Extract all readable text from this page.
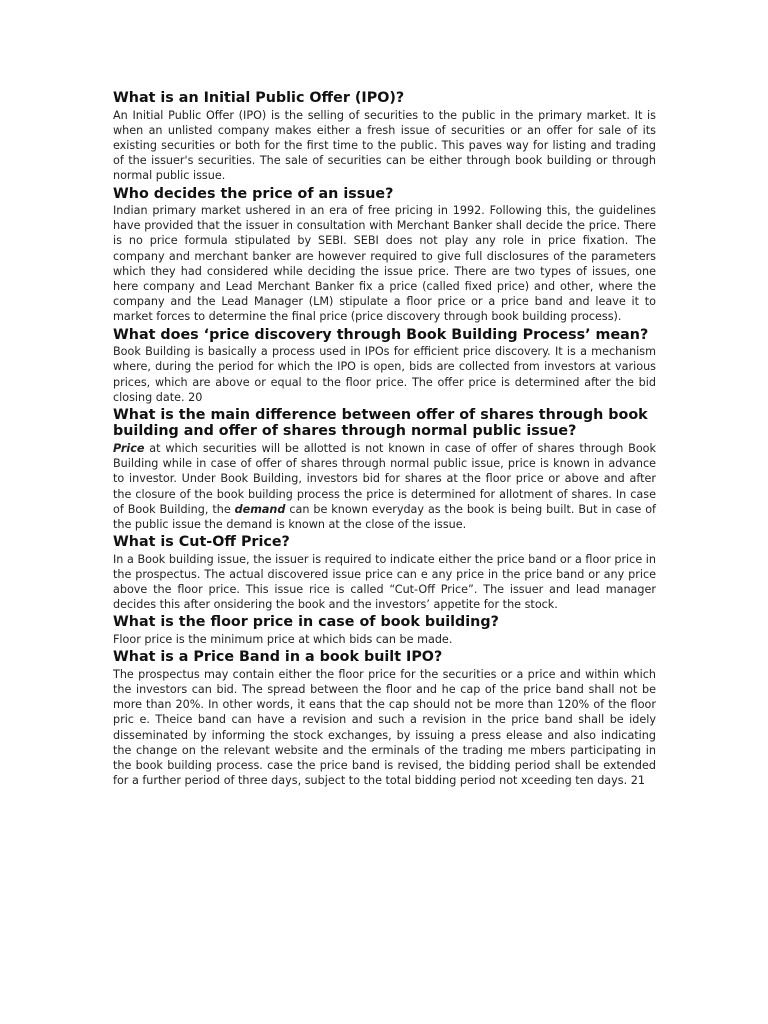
What is an Initial Public Offer (IPO)?

An Initial Public Offer (IPO) is the selling of securities to the public in the primary market. It is when an unlisted company makes either a fresh issue of securities or an offer for sale of its existing securities or both for the first time to the public. This paves way for listing and trading of the issuer's securities. The sale of securities can be either through book building or through normal public issue.

Who decides the price of an issue?

Indian primary market ushered in an era of free pricing in 1992. Following this, the guidelines have provided that the issuer in consultation with Merchant Banker shall decide the price. There is no price formula stipulated by SEBI. SEBI does not play any role in price fixation. The company and merchant banker are however required to give full disclosures of the parameters which they had considered while deciding the issue price. There are two types of issues, one here company and Lead Merchant Banker fix a price (called fixed price) and other, where the company and the Lead Manager (LM) stipulate a floor price or a price band and leave it to market forces to determine the final price (price discovery through book building process).

What does ‘price discovery through Book Building Process’ mean?

Book Building is basically a process used in IPOs for efficient price discovery. It is a mechanism where, during the period for which the IPO is open, bids are collected from investors at various prices, which are above or equal to the floor price. The offer price is determined after the bid closing date. 20

What is the main difference between offer of shares through book building and offer of shares through normal public issue?

Price at which securities will be allotted is not known in case of offer of shares through Book Building while in case of offer of shares through normal public issue, price is known in advance to investor. Under Book Building, investors bid for shares at the floor price or above and after the closure of the book building process the price is determined for allotment of shares. In case of Book Building, the demand can be known everyday as the book is being built. But in case of the public issue the demand is known at the close of the issue.

What is Cut-Off Price?

In a Book building issue, the issuer is required to indicate either the price band or a floor price in the prospectus. The actual discovered issue price can e any price in the price band or any price above the floor price. This issue rice is called “Cut-Off Price”. The issuer and lead manager decides this after onsidering the book and the investors’ appetite for the stock.

What is the floor price in case of book building?

Floor price is the minimum price at which bids can be made.

What is a Price Band in a book built IPO?

The prospectus may contain either the floor price for the securities or a price and within which the investors can bid. The spread between the floor and he cap of the price band shall not be more than 20%. In other words, it eans that the cap should not be more than 120% of the floor pric e. Theice band can have a revision and such a revision in the price band shall be idely disseminated by informing the stock exchanges, by issuing a press elease and also indicating the change on the relevant website and the erminals of the trading me mbers participating in the book building process. case the price band is revised, the bidding period shall be extended for a further period of three days, subject to the total bidding period not xceeding ten days. 21
